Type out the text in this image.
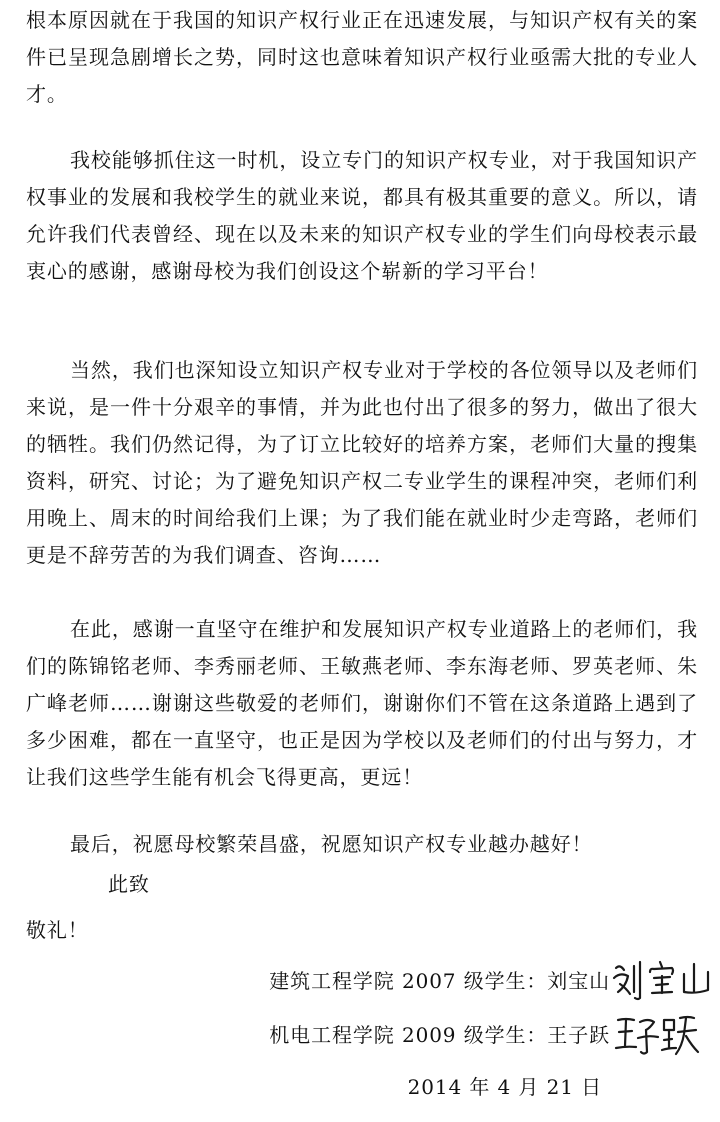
根本原因就在于我国的知识产权行业正在迅速发展，与知识产权有关的案件已呈现急剧增长之势，同时这也意味着知识产权行业亟需大批的专业人才。

我校能够抓住这一时机，设立专门的知识产权专业，对于我国知识产权事业的发展和我校学生的就业来说，都具有极其重要的意义。所以，请允许我们代表曾经、现在以及未来的知识产权专业的学生们向母校表示最衷心的感谢，感谢母校为我们创设这个崭新的学习平台！

当然，我们也深知设立知识产权专业对于学校的各位领导以及老师们来说，是一件十分艰辛的事情，并为此也付出了很多的努力，做出了很大的牺牲。我们仍然记得，为了订立比较好的培养方案，老师们大量的搜集资料，研究、讨论；为了避免知识产权二专业学生的课程冲突，老师们利用晚上、周末的时间给我们上课；为了我们能在就业时少走弯路，老师们更是不辞劳苦的为我们调查、咨询……

在此，感谢一直坚守在维护和发展知识产权专业道路上的老师们，我们的陈锦铭老师、李秀丽老师、王敏燕老师、李东海老师、罗英老师、朱广峰老师……谢谢这些敬爱的老师们，谢谢你们不管在这条道路上遇到了多少困难，都在一直坚守，也正是因为学校以及老师们的付出与努力，才让我们这些学生能有机会飞得更高，更远！

最后，祝愿母校繁荣昌盛，祝愿知识产权专业越办越好！

此致
敬礼！
建筑工程学院 2007 级学生：刘宝山
机电工程学院 2009 级学生：王子跃
2014 年 4 月 21 日
